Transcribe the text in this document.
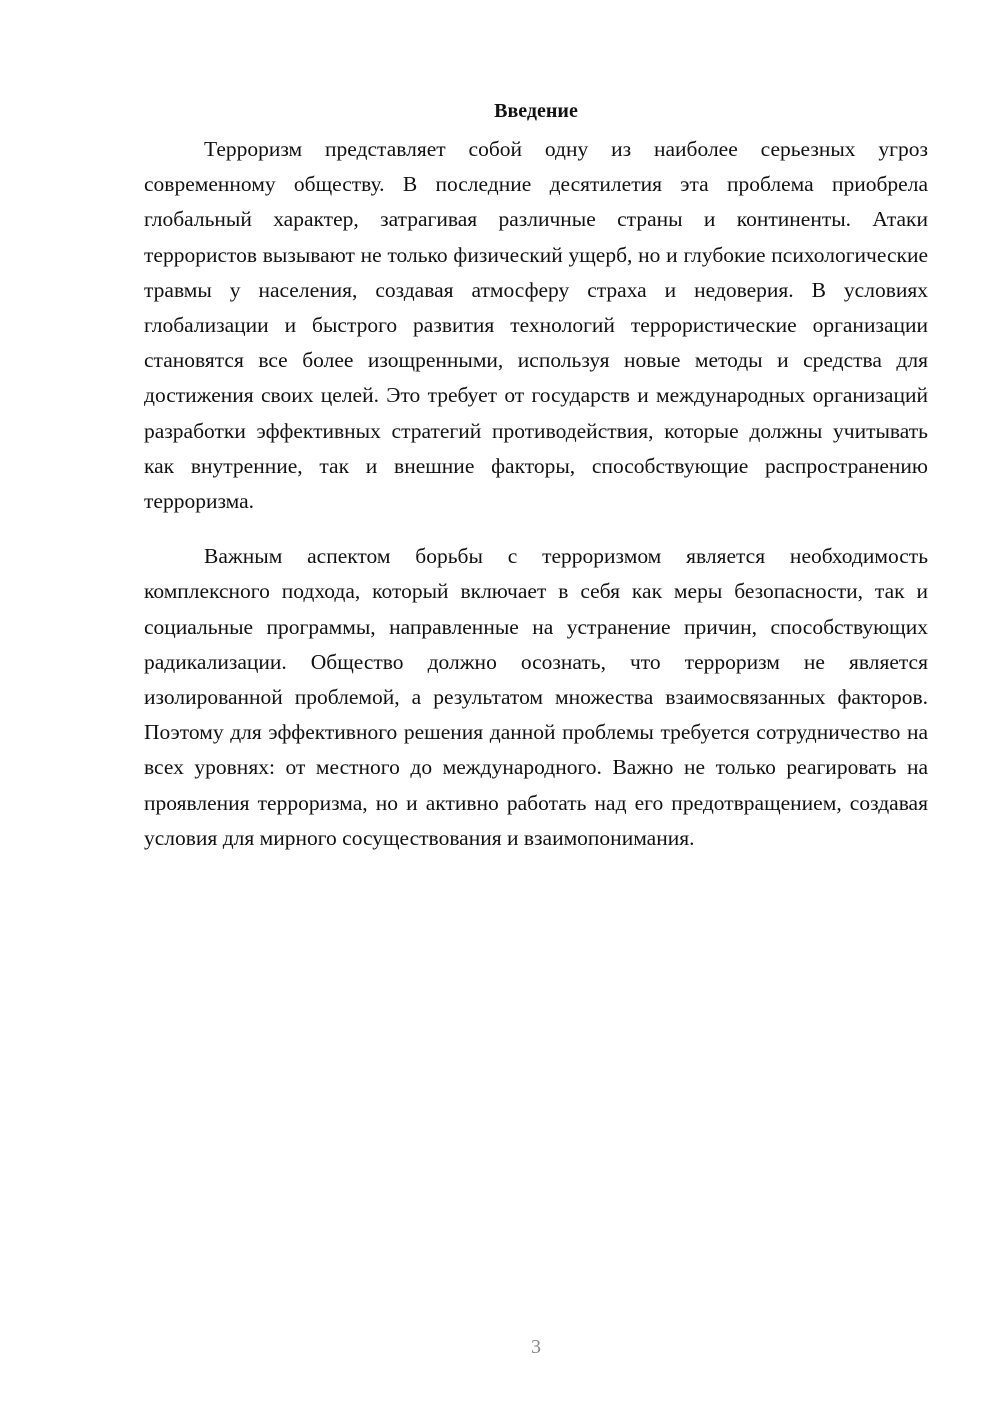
Введение

Терроризм представляет собой одну из наиболее серьезных угроз современному обществу. В последние десятилетия эта проблема приобрела глобальный характер, затрагивая различные страны и континенты. Атаки террористов вызывают не только физический ущерб, но и глубокие психологические травмы у населения, создавая атмосферу страха и недоверия. В условиях глобализации и быстрого развития технологий террористические организации становятся все более изощренными, используя новые методы и средства для достижения своих целей. Это требует от государств и международных организаций разработки эффективных стратегий противодействия, которые должны учитывать как внутренние, так и внешние факторы, способствующие распространению терроризма.

Важным аспектом борьбы с терроризмом является необходимость комплексного подхода, который включает в себя как меры безопасности, так и социальные программы, направленные на устранение причин, способствующих радикализации. Общество должно осознать, что терроризм не является изолированной проблемой, а результатом множества взаимосвязанных факторов. Поэтому для эффективного решения данной проблемы требуется сотрудничество на всех уровнях: от местного до международного. Важно не только реагировать на проявления терроризма, но и активно работать над его предотвращением, создавая условия для мирного сосуществования и взаимопонимания.

3
